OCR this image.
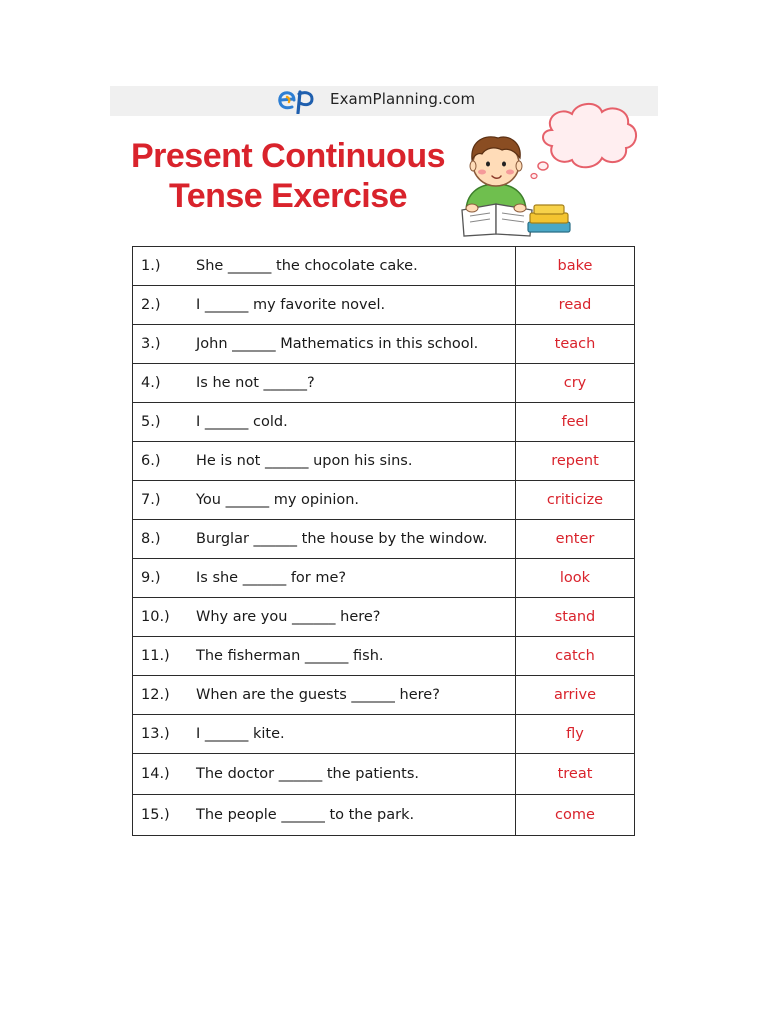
ExamPlanning.com
Present Continuous
Tense Exercise
1.) She ______ the chocolate cake.	bake
2.) I ______ my favorite novel.	read
3.) John ______ Mathematics in this school.	teach
4.) Is he not ______?	cry
5.) I ______ cold.	feel
6.) He is not ______ upon his sins.	repent
7.) You ______ my opinion.	criticize
8.) Burglar ______ the house by the window.	enter
9.) Is she ______ for me?	look
10.) Why are you ______ here?	stand
11.) The fisherman ______ fish.	catch
12.) When are the guests ______ here?	arrive
13.) I ______ kite.	fly
14.) The doctor ______ the patients.	treat
15.) The people ______ to the park.	come
